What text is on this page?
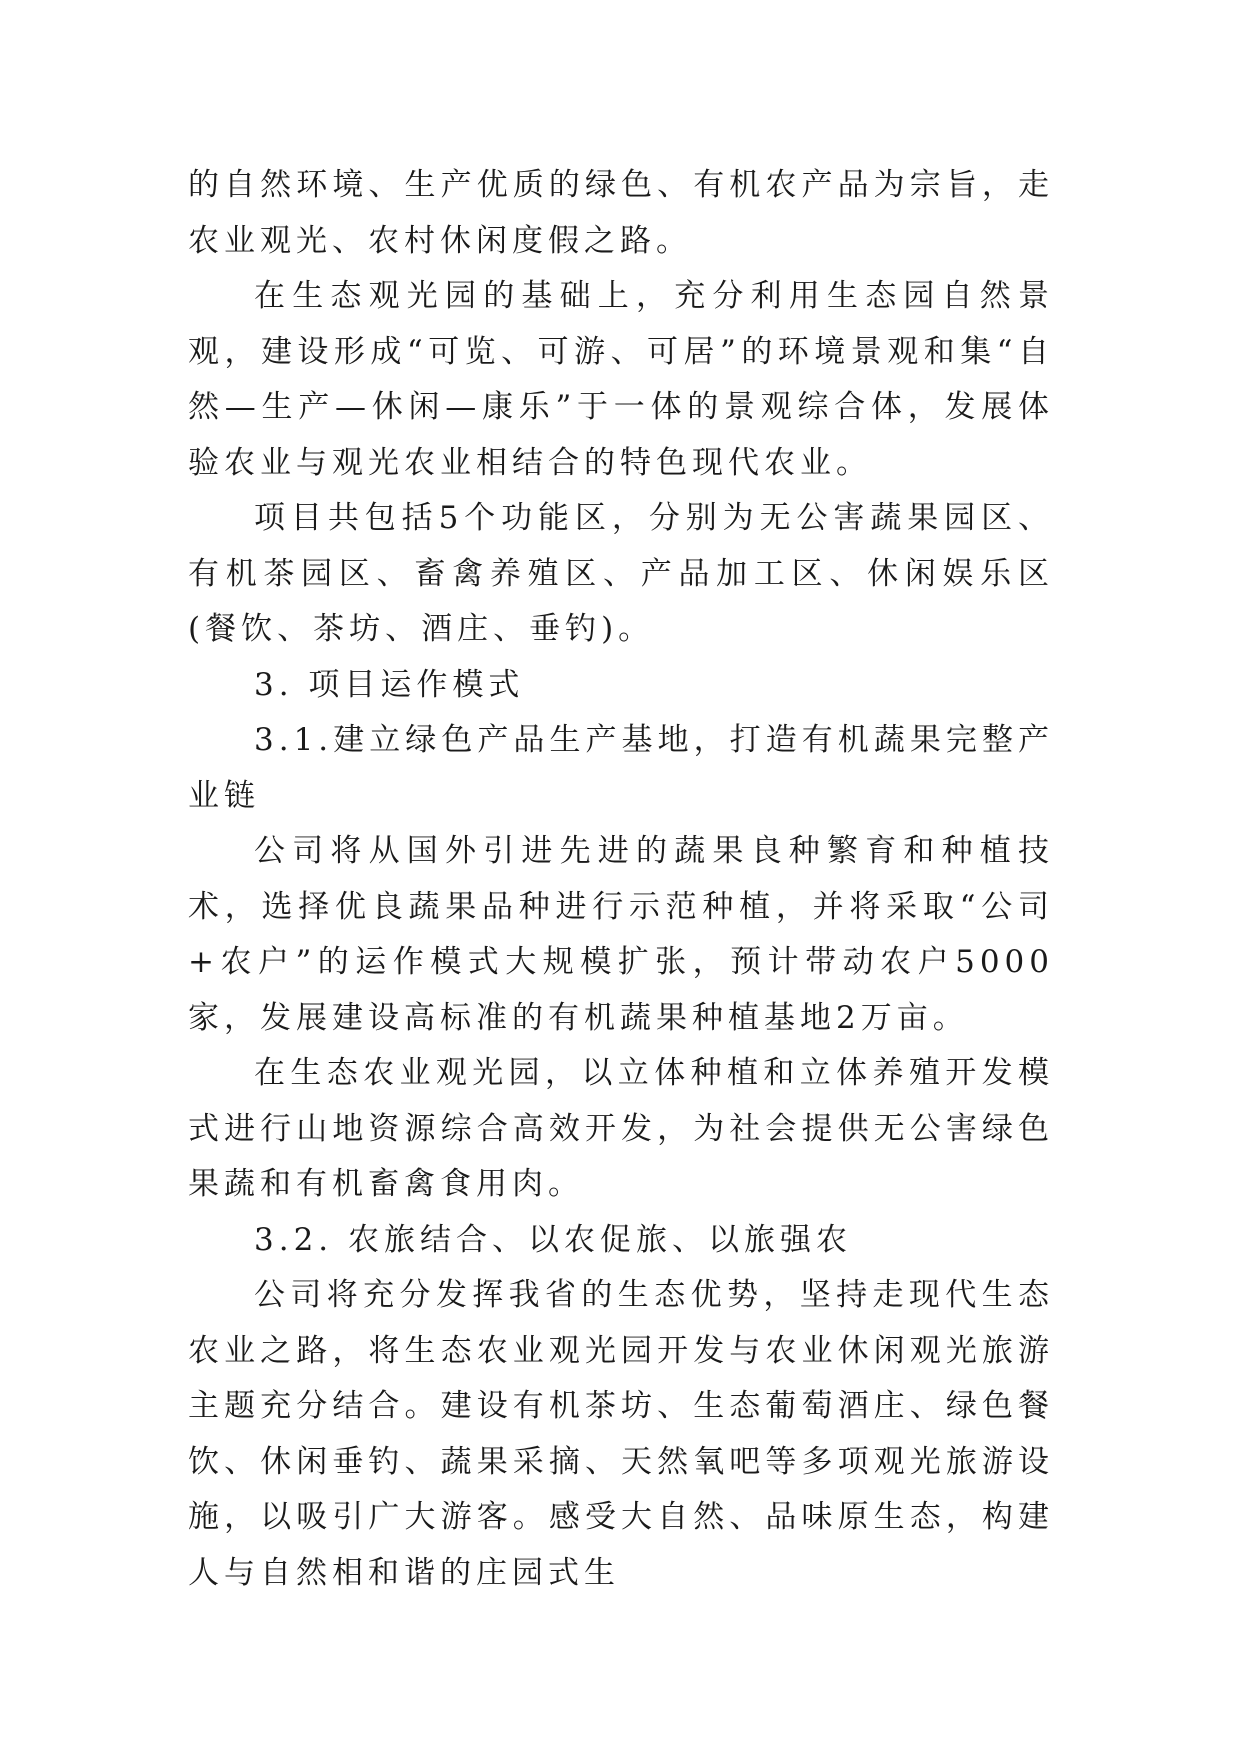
的自然环境、生产优质的绿色、有机农产品为宗旨，走农业观光、农村休闲度假之路。

在生态观光园的基础上，充分利用生态园自然景观，建设形成“可览、可游、可居”的环境景观和集“自然—生产—休闲—康乐”于一体的景观综合体，发展体验农业与观光农业相结合的特色现代农业。

项目共包括5个功能区，分别为无公害蔬果园区、有机茶园区、畜禽养殖区、产品加工区、休闲娱乐区(餐饮、茶坊、酒庄、垂钓)。

3. 项目运作模式

3.1.建立绿色产品生产基地，打造有机蔬果完整产业链

公司将从国外引进先进的蔬果良种繁育和种植技术，选择优良蔬果品种进行示范种植，并将采取“公司+农户”的运作模式大规模扩张，预计带动农户5000家，发展建设高标准的有机蔬果种植基地2万亩。

在生态农业观光园，以立体种植和立体养殖开发模式进行山地资源综合高效开发，为社会提供无公害绿色果蔬和有机畜禽食用肉。

3.2. 农旅结合、以农促旅、以旅强农

公司将充分发挥我省的生态优势，坚持走现代生态农业之路，将生态农业观光园开发与农业休闲观光旅游主题充分结合。建设有机茶坊、生态葡萄酒庄、绿色餐饮、休闲垂钓、蔬果采摘、天然氧吧等多项观光旅游设施，以吸引广大游客。感受大自然、品味原生态，构建人与自然相和谐的庄园式生
